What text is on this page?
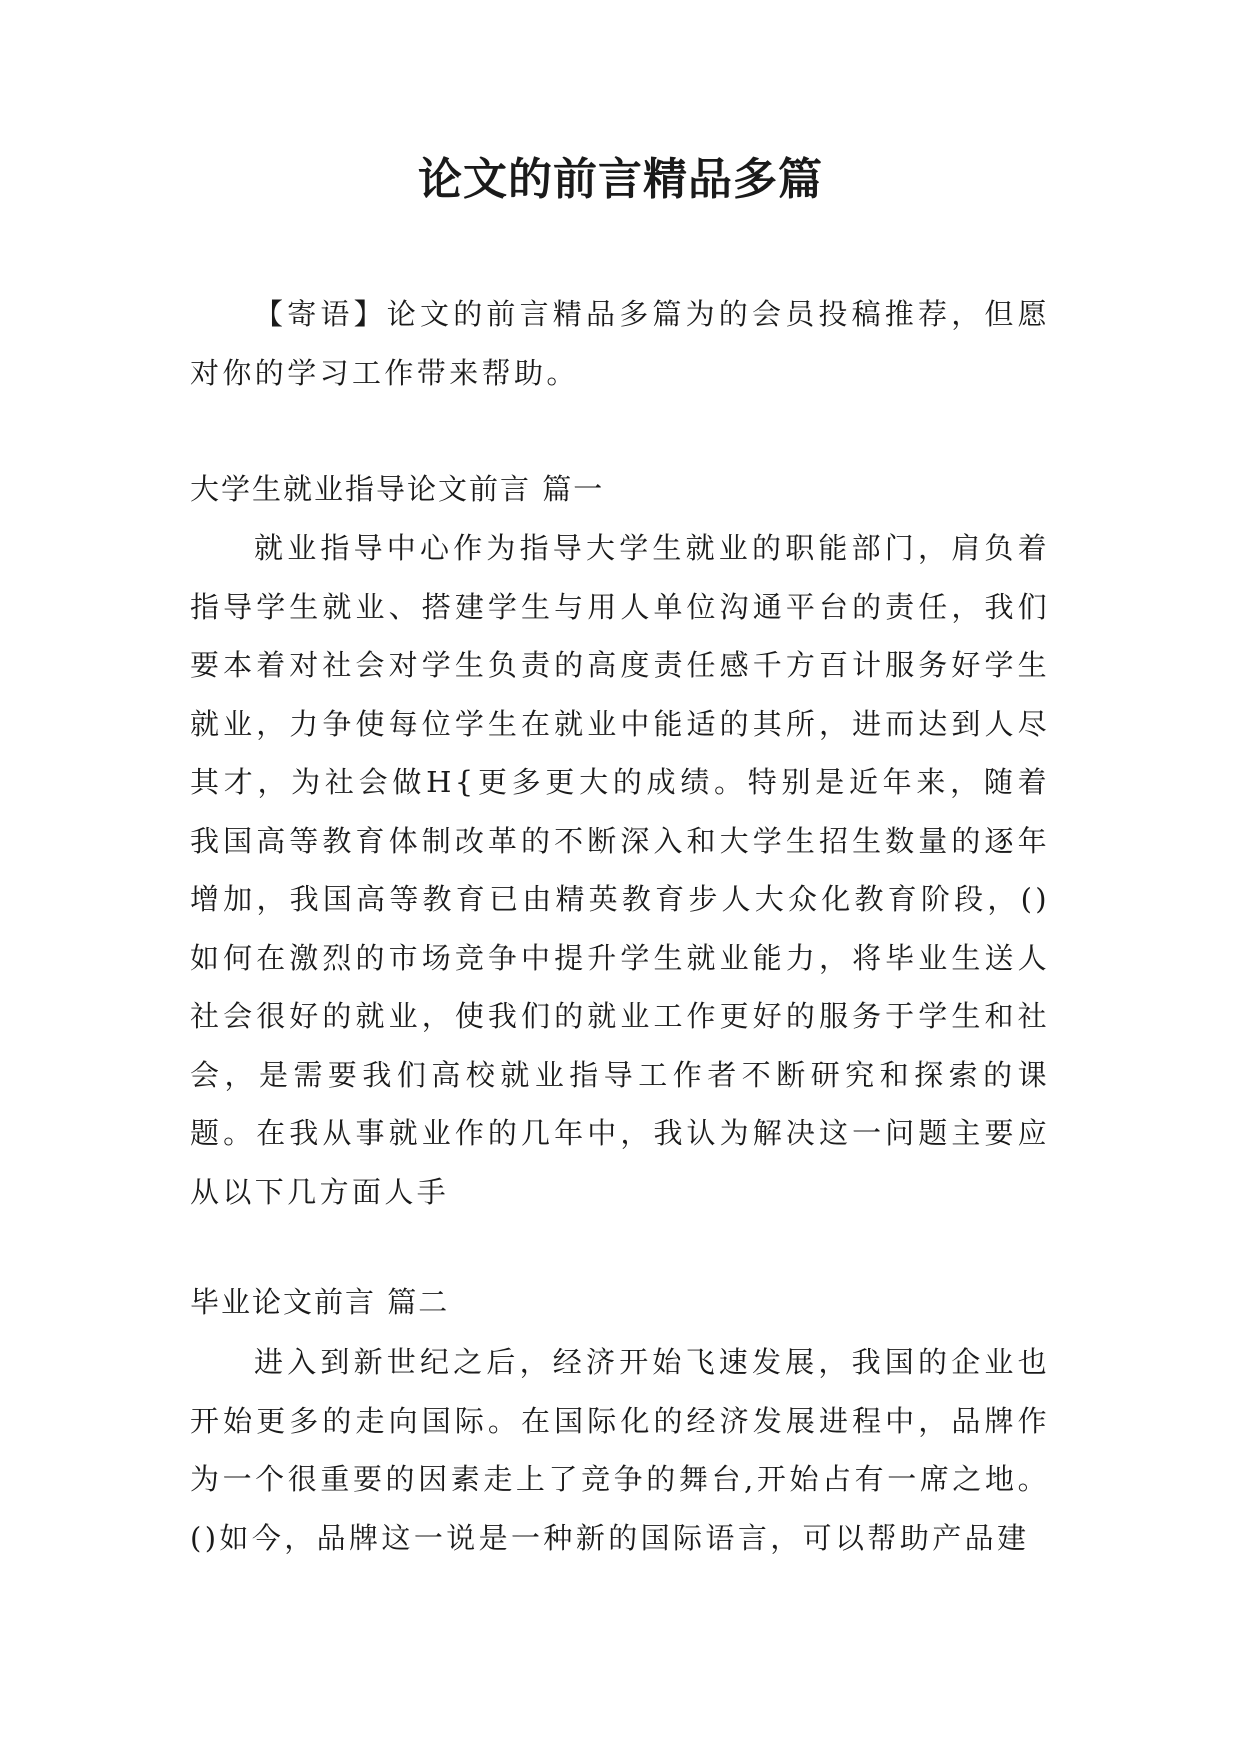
论文的前言精品多篇
【寄语】论文的前言精品多篇为的会员投稿推荐，但愿对你的学习工作带来帮助。
大学生就业指导论文前言 篇一
就业指导中心作为指导大学生就业的职能部门，肩负着指导学生就业、搭建学生与用人单位沟通平台的责任，我们要本着对社会对学生负责的高度责任感千方百计服务好学生就业，力争使每位学生在就业中能适的其所，进而达到人尽其才，为社会做H{更多更大的成绩。特别是近年来，随着我国高等教育体制改革的不断深入和大学生招生数量的逐年增加，我国高等教育已由精英教育步人大众化教育阶段，()如何在激烈的市场竞争中提升学生就业能力，将毕业生送人社会很好的就业，使我们的就业工作更好的服务于学生和社会，是需要我们高校就业指导工作者不断研究和探索的课题。在我从事就业作的几年中，我认为解决这一问题主要应从以下几方面人手
毕业论文前言 篇二
进入到新世纪之后，经济开始飞速发展，我国的企业也开始更多的走向国际。在国际化的经济发展进程中，品牌作为一个很重要的因素走上了竞争的舞台,开始占有一席之地。()如今，品牌这一说是一种新的国际语言，可以帮助产品建
